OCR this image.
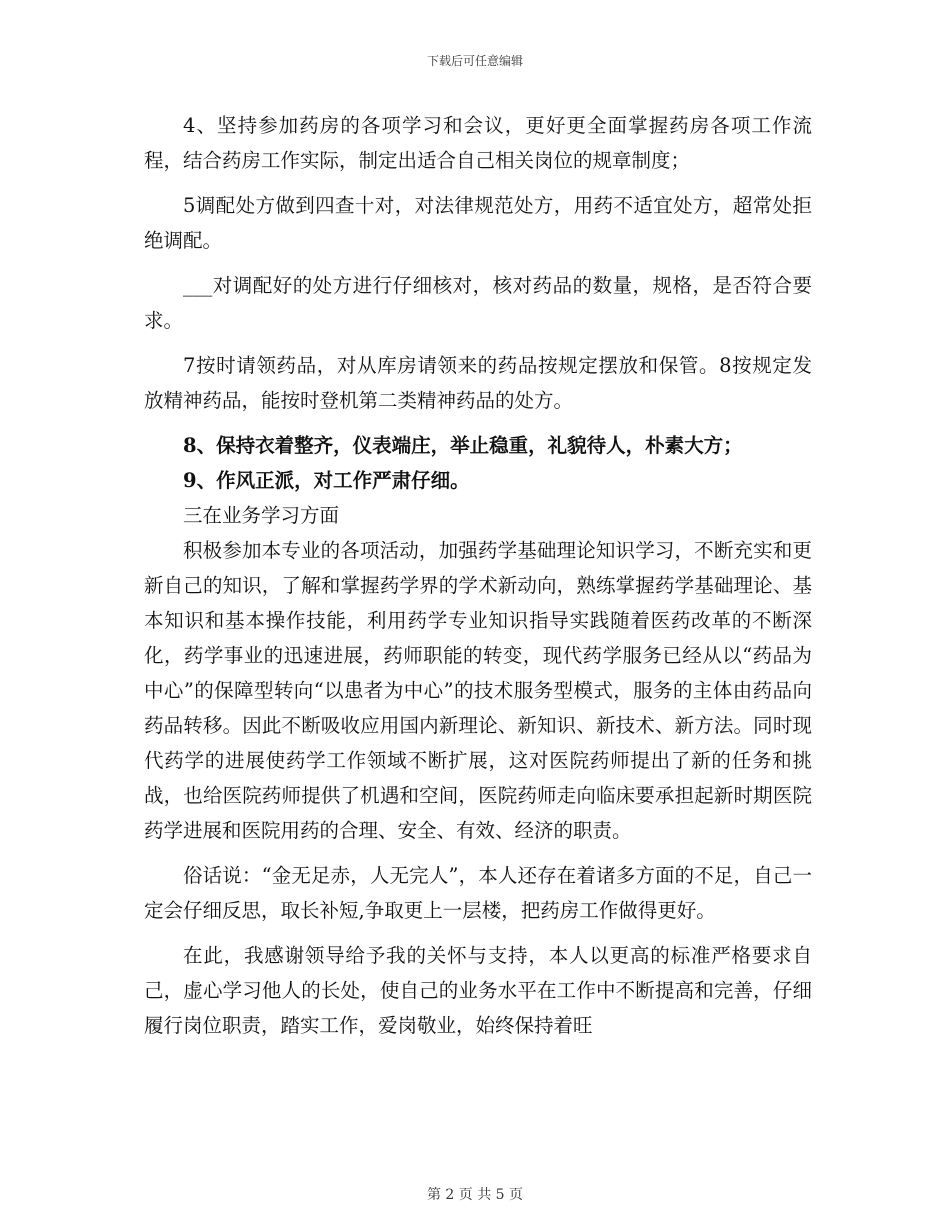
下载后可任意编辑

4、坚持参加药房的各项学习和会议，更好更全面掌握药房各项工作流程，结合药房工作实际，制定出适合自己相关岗位的规章制度；

5调配处方做到四查十对，对法律规范处方，用药不适宜处方，超常处拒绝调配。

___对调配好的处方进行仔细核对，核对药品的数量，规格，是否符合要求。

7按时请领药品，对从库房请领来的药品按规定摆放和保管。8按规定发放精神药品，能按时登机第二类精神药品的处方。

8、保持衣着整齐，仪表端庄，举止稳重，礼貌待人，朴素大方；

9、作风正派，对工作严肃仔细。

三在业务学习方面

积极参加本专业的各项活动，加强药学基础理论知识学习，不断充实和更新自己的知识，了解和掌握药学界的学术新动向，熟练掌握药学基础理论、基本知识和基本操作技能，利用药学专业知识指导实践随着医药改革的不断深化，药学事业的迅速进展，药师职能的转变，现代药学服务已经从以“药品为中心”的保障型转向“以患者为中心”的技术服务型模式，服务的主体由药品向药品转移。因此不断吸收应用国内新理论、新知识、新技术、新方法。同时现代药学的进展使药学工作领域不断扩展，这对医院药师提出了新的任务和挑战，也给医院药师提供了机遇和空间，医院药师走向临床要承担起新时期医院药学进展和医院用药的合理、安全、有效、经济的职责。

俗话说：“金无足赤，人无完人”，本人还存在着诸多方面的不足，自己一定会仔细反思，取长补短,争取更上一层楼，把药房工作做得更好。

在此，我感谢领导给予我的关怀与支持，本人以更高的标准严格要求自己，虚心学习他人的长处，使自己的业务水平在工作中不断提高和完善，仔细履行岗位职责，踏实工作，爱岗敬业，始终保持着旺

第 2 页 共 5 页
